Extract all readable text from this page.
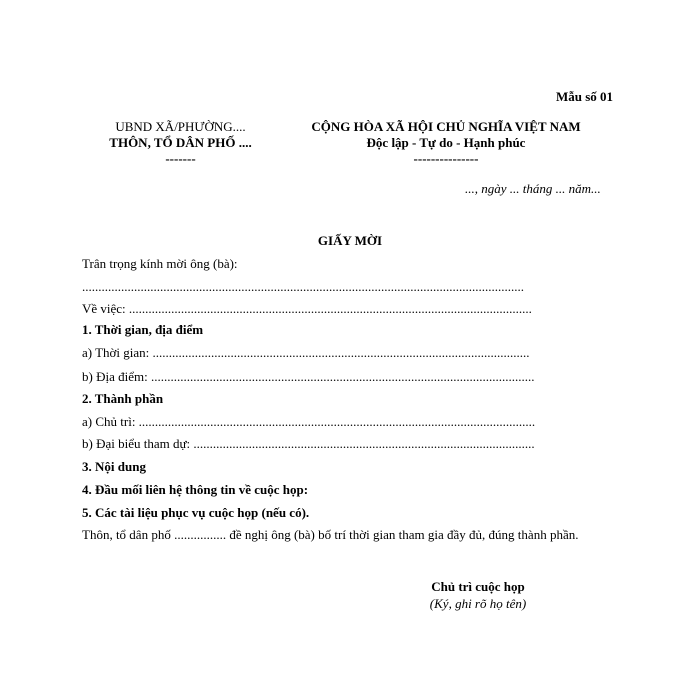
Mẫu số 01
UBND XÃ/PHƯỜNG....
THÔN, TỔ DÂN PHỐ ....
-------
CỘNG HÒA XÃ HỘI CHỦ NGHĨA VIỆT NAM
Độc lập - Tự do - Hạnh phúc
---------------
..., ngày ... tháng ... năm...
GIẤY MỜI
Trân trọng kính mời ông (bà):
........................................................................................................................................
Về việc: ............................................................................................................................
1. Thời gian, địa điểm
a) Thời gian: ....................................................................................................................
b) Địa điểm: ......................................................................................................................
2. Thành phần
a) Chủ trì: ..........................................................................................................................
b) Đại biểu tham dự: .........................................................................................................
3. Nội dung
4. Đầu mối liên hệ thông tin về cuộc họp:
5. Các tài liệu phục vụ cuộc họp (nếu có).
Thôn, tổ dân phố ................ đề nghị ông (bà) bố trí thời gian tham gia đầy đủ, đúng thành phần.
Chủ trì cuộc họp
(Ký, ghi rõ họ tên)
